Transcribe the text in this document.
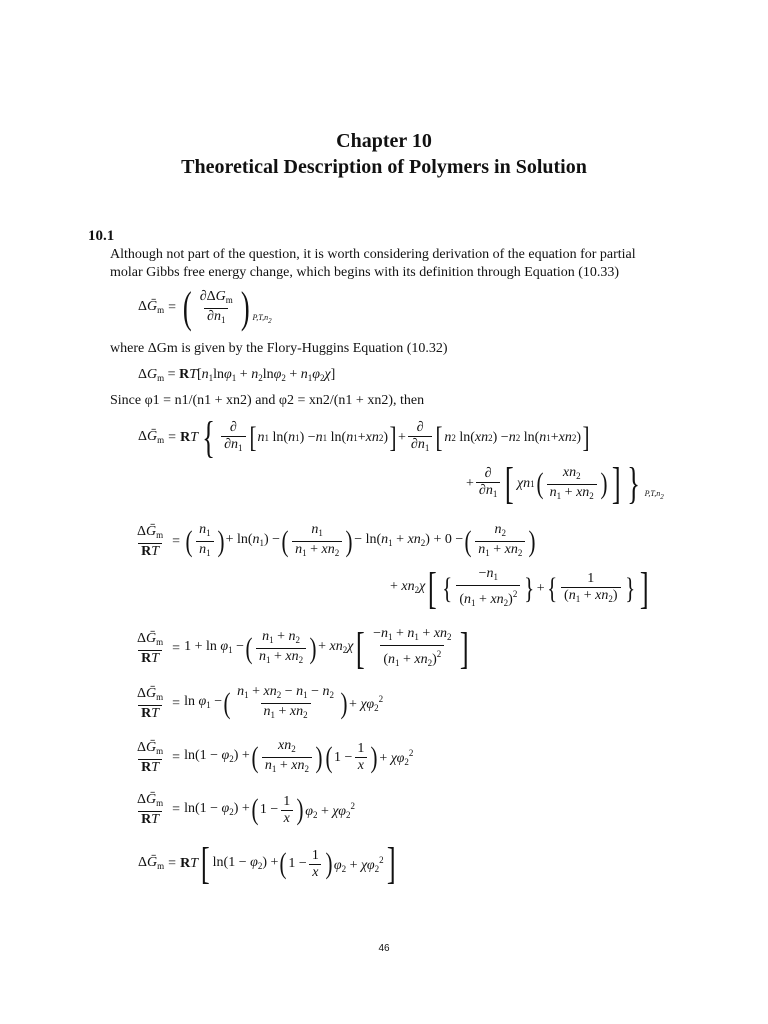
Chapter 10
Theoretical Description of Polymers in Solution
10.1
Although not part of the question, it is worth considering derivation of the equation for partial molar Gibbs free energy change, which begins with its definition through Equation (10.33)
ΔḠ$_m$ = ( $\frac{\partial\Delta G_m}{\partial n_1}$ ) $P,T,n_2$
where ΔGm is given by the Flory-Huggins Equation (10.32)
$\Delta G_m = RT[n_1\ln\varphi_1 + n_2\ln\varphi_2 + n_1\varphi_2\chi]$
Since φ1 = n1/(n1 + xn2) and φ2 = xn2/(n1 + xn2), then
ΔḠ$_m$ = R T { $\frac{\partial}{\partial n_1}$ [ n 1 ln( n 1 ) − n 1 ln( n 1 + xn 2 ) ] + $\frac{\partial}{\partial n_1}$ [ n 2 ln( xn 2 ) − n 2 ln( n 1 + xn 2 ) ]
+ $\frac{\partial}{\partial n_1}$ [ χn 1 ( $\frac{xn_2}{n_1 + xn_2}$ ) ] } $P,T,n_2$
$\frac{\Delta Ḡ_m}{RT}$ = ( $\frac{n_1}{n_1}$ ) + $\ln(n_1)$ − ( $\frac{n_1}{n_1 + xn_2}$ ) − $\ln(n_1 + xn_2) + 0$ − ( $\frac{n_2}{n_1 + xn_2}$ )
+ $xn_2\chi$ [ { $\frac{-n_1}{(n_1 + xn_2)^2}$ } + { $\frac{1}{(n_1 + xn_2)}$ } ]
$\frac{\Delta Ḡ_m}{RT} = 1 + \ln \varphi_1$ − ( $\frac{n_1 + n_2}{n_1 + xn_2}$ ) + $xn_2\chi$ [ $\frac{-n_1 + n_1 + xn_2}{(n_1 + xn_2)^2}$ ]
$\frac{\Delta Ḡ_m}{RT} = \ln \varphi_1$ − ( $\frac{n_1 + xn_2 - n_1 - n_2}{n_1 + xn_2}$ ) + $\chi\varphi_2^2$
$\frac{\Delta Ḡ_m}{RT} = \ln(1 - \varphi_2)$ + ( $\frac{xn_2}{n_1 + xn_2}$ ) ( $1 - \frac{1}{x}$ ) + $\chi\varphi_2^2$
$\frac{\Delta Ḡ_m}{RT} = \ln(1 - \varphi_2)$ + ( $1 - \frac{1}{x}$ ) $\varphi_2 + \chi\varphi_2^2$
ΔḠ$_m$ = R T [ $\ln(1 - \varphi_2)$ + ( $1 - \frac{1}{x}$ ) $\varphi_2 + \chi\varphi_2^2$ ]
46
